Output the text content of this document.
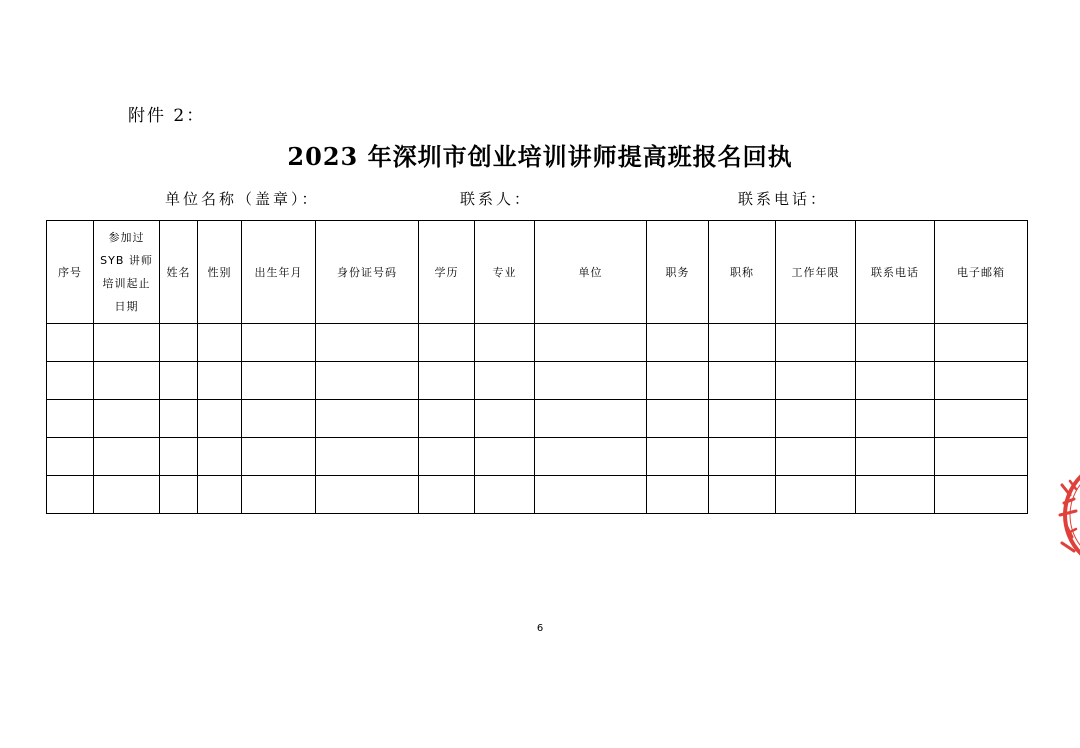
附件 2：
2023 年深圳市创业培训讲师提高班报名回执
单位名称（盖章）：	联系人：	联系电话：
序号	参加过
SYB 讲师
培训起止
日期	姓名	性别	出生年月	身份证号码	学历	专业	单位	职务	职称	工作年限	联系电话	电子邮箱

6
